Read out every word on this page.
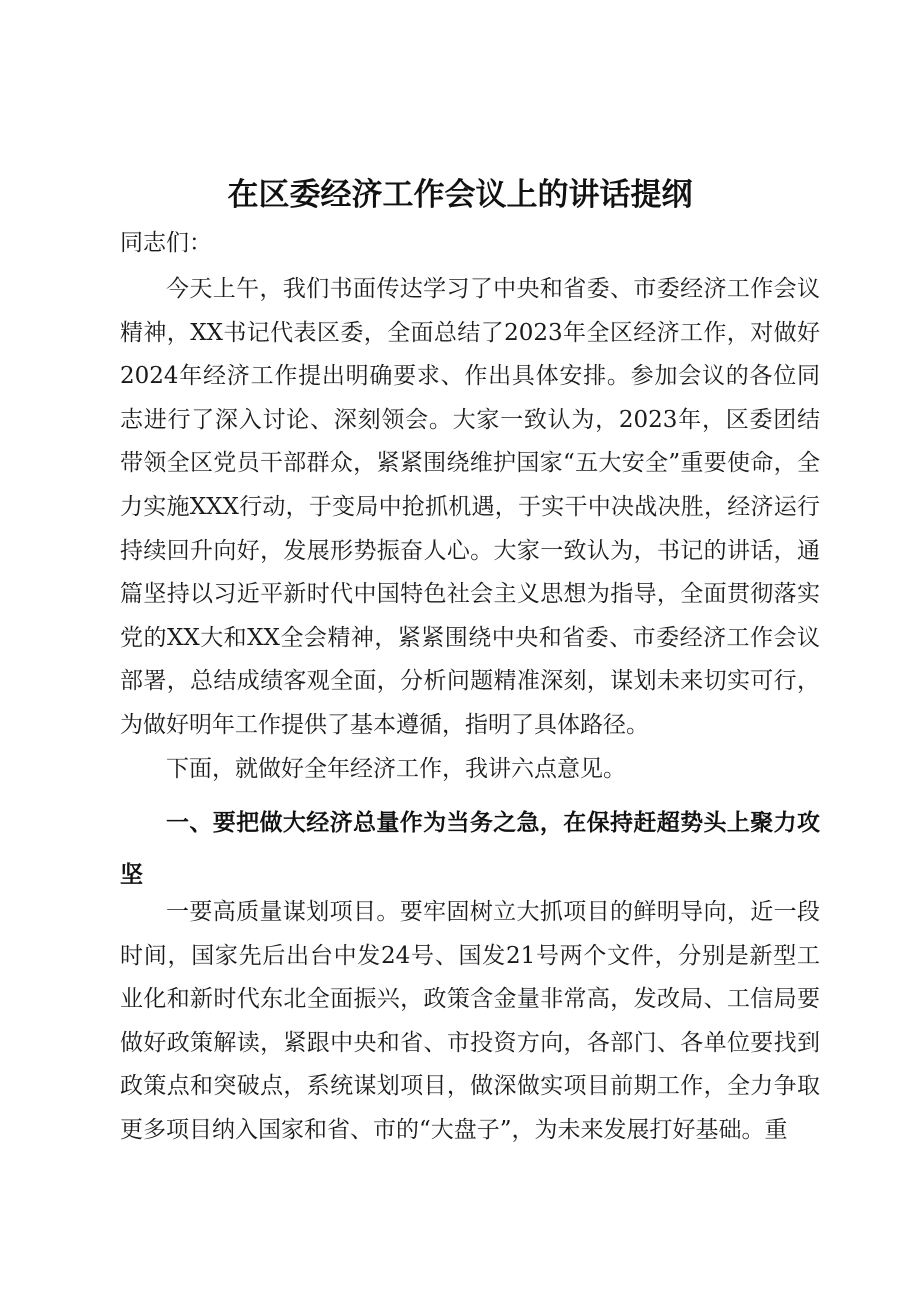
在区委经济工作会议上的讲话提纲

同志们：

今天上午，我们书面传达学习了中央和省委、市委经济工作会议精神，XX书记代表区委，全面总结了2023年全区经济工作，对做好2024年经济工作提出明确要求、作出具体安排。参加会议的各位同志进行了深入讨论、深刻领会。大家一致认为，2023年，区委团结带领全区党员干部群众，紧紧围绕维护国家“五大安全”重要使命，全力实施XXX行动，于变局中抢抓机遇，于实干中决战决胜，经济运行持续回升向好，发展形势振奋人心。大家一致认为，书记的讲话，通篇坚持以习近平新时代中国特色社会主义思想为指导，全面贯彻落实党的XX大和XX全会精神，紧紧围绕中央和省委、市委经济工作会议部署，总结成绩客观全面，分析问题精准深刻，谋划未来切实可行，为做好明年工作提供了基本遵循，指明了具体路径。

下面，就做好全年经济工作，我讲六点意见。

一、要把做大经济总量作为当务之急，在保持赶超势头上聚力攻坚

一要高质量谋划项目。要牢固树立大抓项目的鲜明导向，近一段时间，国家先后出台中发24号、国发21号两个文件，分别是新型工业化和新时代东北全面振兴，政策含金量非常高，发改局、工信局要做好政策解读，紧跟中央和省、市投资方向，各部门、各单位要找到政策点和突破点，系统谋划项目，做深做实项目前期工作，全力争取更多项目纳入国家和省、市的“大盘子”，为未来发展打好基础。重
